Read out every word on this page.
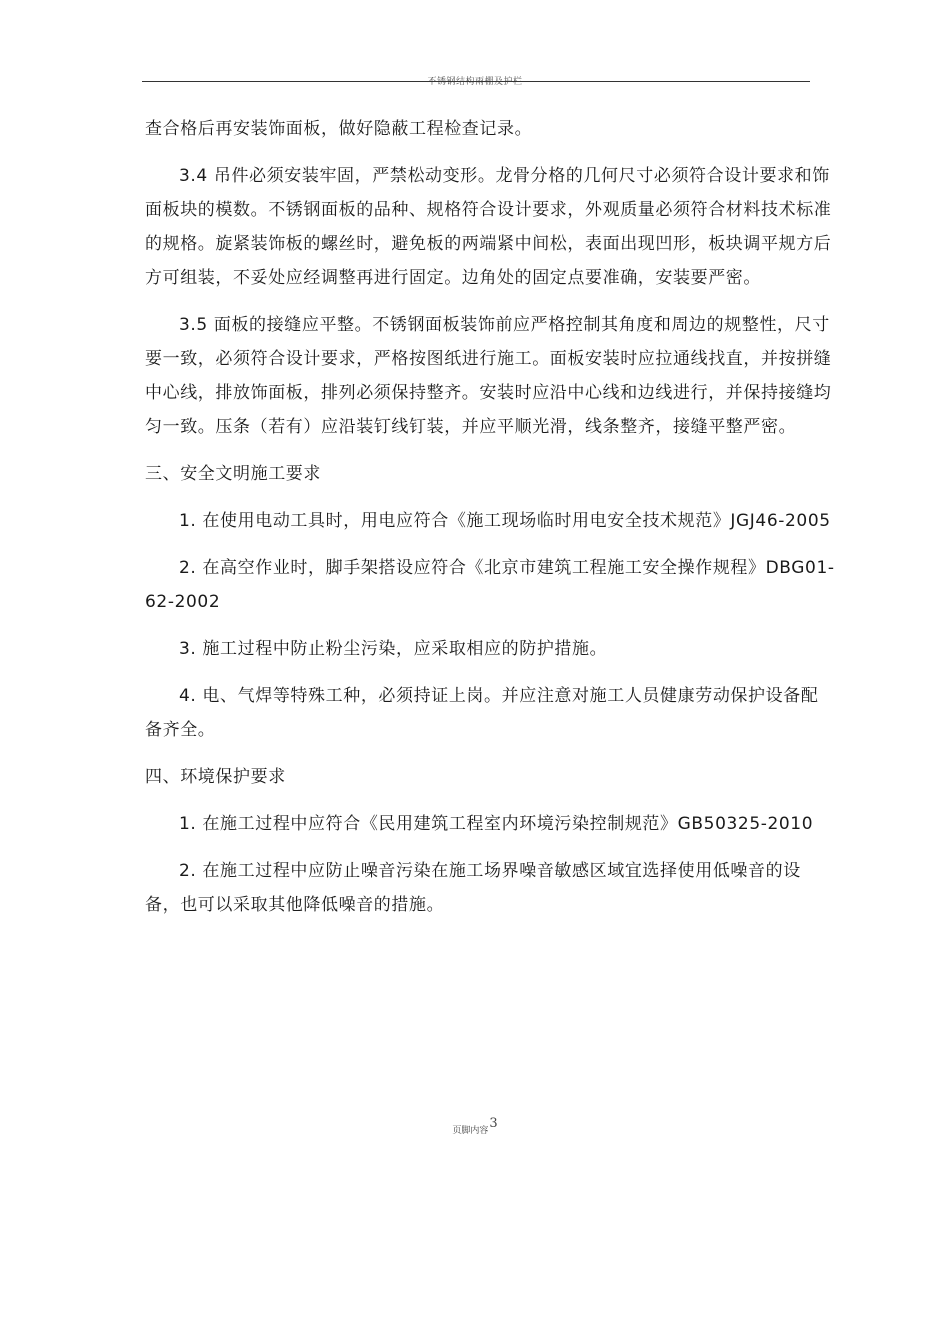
不锈钢结构雨棚及护栏

查合格后再安装饰面板，做好隐蔽工程检查记录。

3.4 吊件必须安装牢固，严禁松动变形。龙骨分格的几何尺寸必须符合设计要求和饰面板块的模数。不锈钢面板的品种、规格符合设计要求，外观质量必须符合材料技术标准的规格。旋紧装饰板的螺丝时，避免板的两端紧中间松，表面出现凹形，板块调平规方后方可组装，不妥处应经调整再进行固定。边角处的固定点要准确，安装要严密。

3.5 面板的接缝应平整。不锈钢面板装饰前应严格控制其角度和周边的规整性，尺寸要一致，必须符合设计要求，严格按图纸进行施工。面板安装时应拉通线找直，并按拼缝中心线，排放饰面板，排列必须保持整齐。安装时应沿中心线和边线进行，并保持接缝均匀一致。压条（若有）应沿装钉线钉装，并应平顺光滑，线条整齐，接缝平整严密。

三、安全文明施工要求

1. 在使用电动工具时，用电应符合《施工现场临时用电安全技术规范》JGJ46-2005

2. 在高空作业时，脚手架搭设应符合《北京市建筑工程施工安全操作规程》DBG01-62-2002

3. 施工过程中防止粉尘污染，应采取相应的防护措施。

4. 电、气焊等特殊工种，必须持证上岗。并应注意对施工人员健康劳动保护设备配备齐全。

四、环境保护要求

1. 在施工过程中应符合《民用建筑工程室内环境污染控制规范》GB50325-2010

2. 在施工过程中应防止噪音污染在施工场界噪音敏感区域宜选择使用低噪音的设备，也可以采取其他降低噪音的措施。

页脚内容$^3$
